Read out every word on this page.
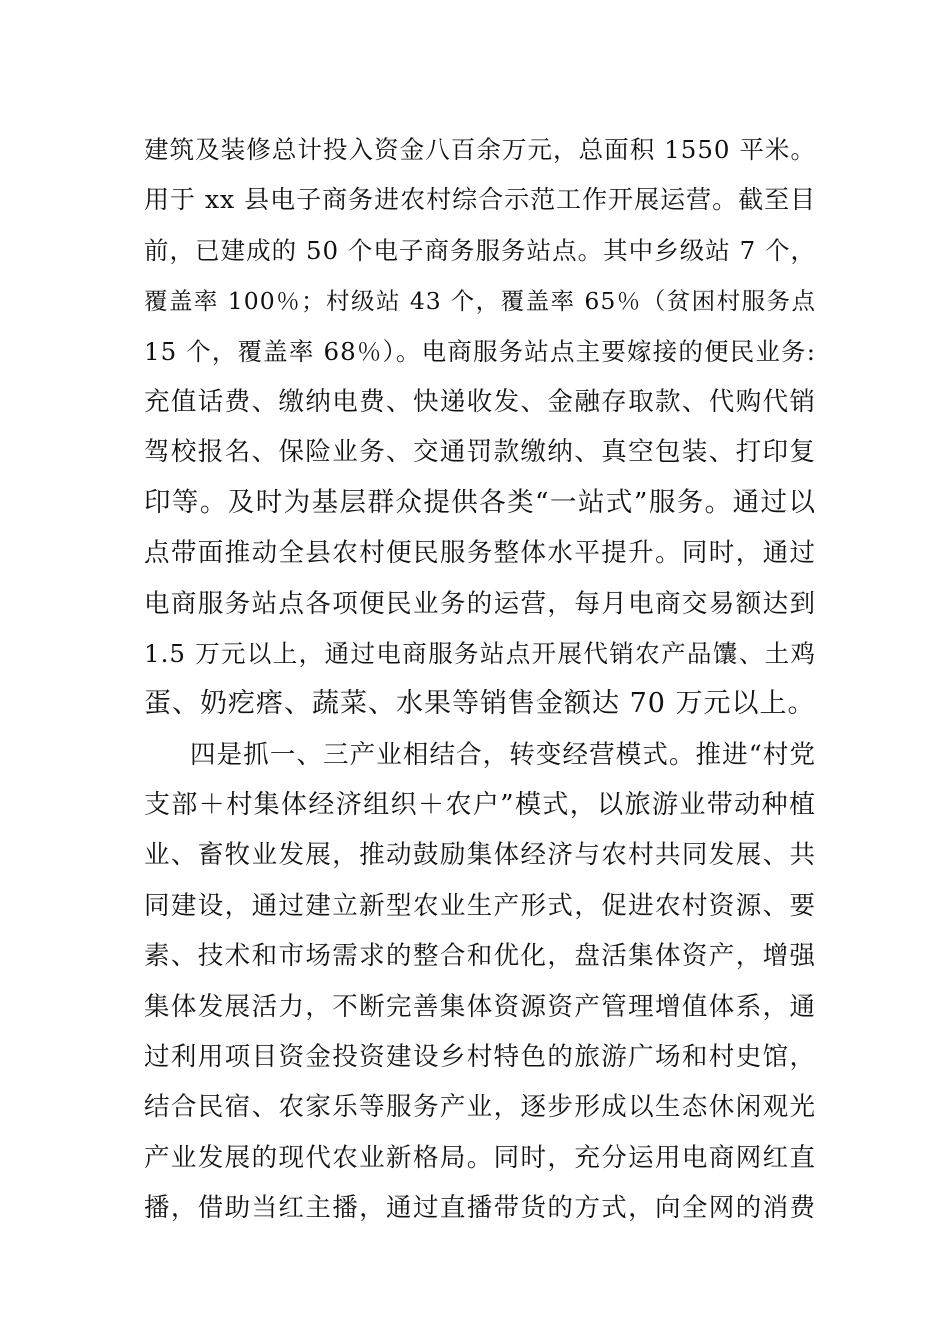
建筑及装修总计投入资金八百余万元，总面积 1550 平米。
用于 xx 县电子商务进农村综合示范工作开展运营。截至目
前，已建成的 50 个电子商务服务站点。其中乡级站 7 个，
覆盖率 100％；村级站 43 个，覆盖率 65％（贫困村服务点
15 个，覆盖率 68％）。电商服务站点主要嫁接的便民业务:
充值话费、缴纳电费、快递收发、金融存取款、代购代销
驾校报名、保险业务、交通罚款缴纳、真空包装、打印复
印等。及时为基层群众提供各类“一站式”服务。通过以
点带面推动全县农村便民服务整体水平提升。同时，通过
电商服务站点各项便民业务的运营，每月电商交易额达到
1.5 万元以上，通过电商服务站点开展代销农产品馕、土鸡
蛋、奶疙瘩、蔬菜、水果等销售金额达 70 万元以上。
四是抓一、三产业相结合，转变经营模式。推进“村党
支部＋村集体经济组织＋农户”模式，以旅游业带动种植
业、畜牧业发展，推动鼓励集体经济与农村共同发展、共
同建设，通过建立新型农业生产形式，促进农村资源、要
素、技术和市场需求的整合和优化，盘活集体资产，增强
集体发展活力，不断完善集体资源资产管理增值体系，通
过利用项目资金投资建设乡村特色的旅游广场和村史馆，
结合民宿、农家乐等服务产业，逐步形成以生态休闲观光
产业发展的现代农业新格局。同时，充分运用电商网红直
播，借助当红主播，通过直播带货的方式，向全网的消费
